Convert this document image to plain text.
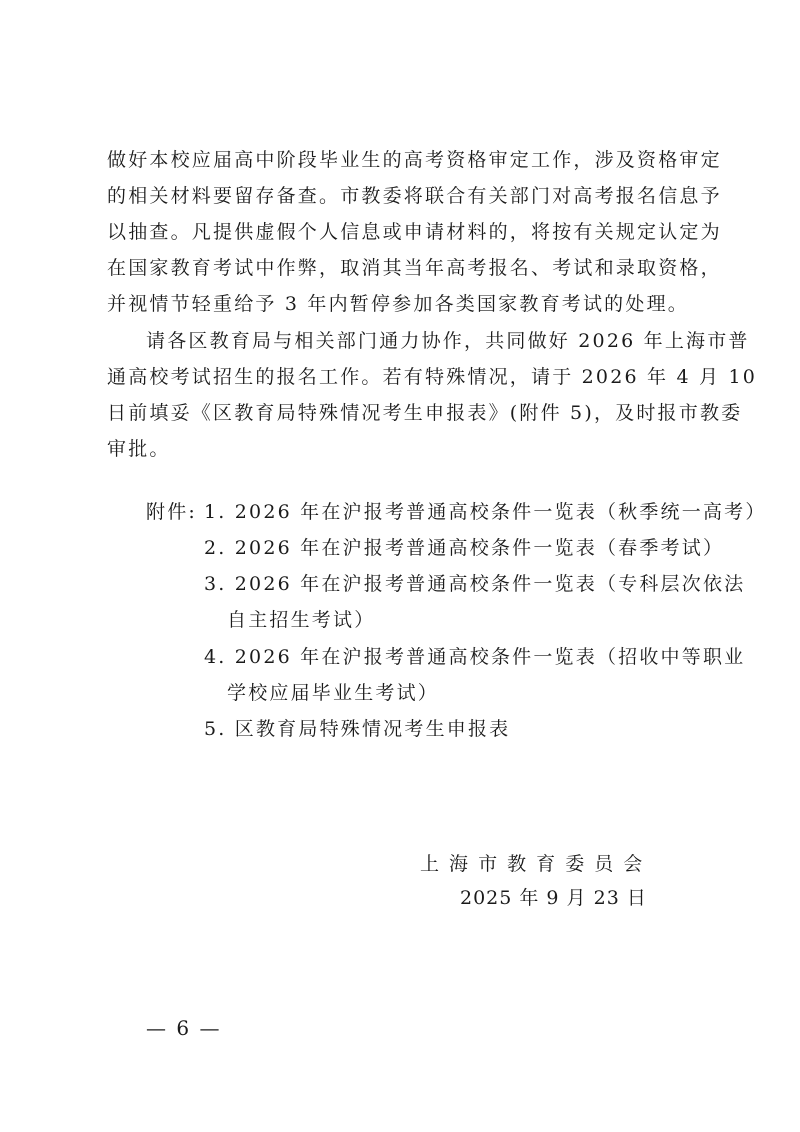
做好本校应届高中阶段毕业生的高考资格审定工作，涉及资格审定
的相关材料要留存备查。市教委将联合有关部门对高考报名信息予
以抽查。凡提供虚假个人信息或申请材料的，将按有关规定认定为
在国家教育考试中作弊，取消其当年高考报名、考试和录取资格，
并视情节轻重给予 3 年内暂停参加各类国家教育考试的处理。
请各区教育局与相关部门通力协作，共同做好 2026 年上海市普
通高校考试招生的报名工作。若有特殊情况，请于 2026 年 4 月 10
日前填妥《区教育局特殊情况考生申报表》(附件 5)，及时报市教委
审批。
附件: 1. 2026 年在沪报考普通高校条件一览表（秋季统一高考）
2. 2026 年在沪报考普通高校条件一览表（春季考试）
3. 2026 年在沪报考普通高校条件一览表（专科层次依法
自主招生考试）
4. 2026 年在沪报考普通高校条件一览表（招收中等职业
学校应届毕业生考试）
5. 区教育局特殊情况考生申报表
上 海 市 教 育 委 员 会
2025 年 9 月 23 日
— 6 —
